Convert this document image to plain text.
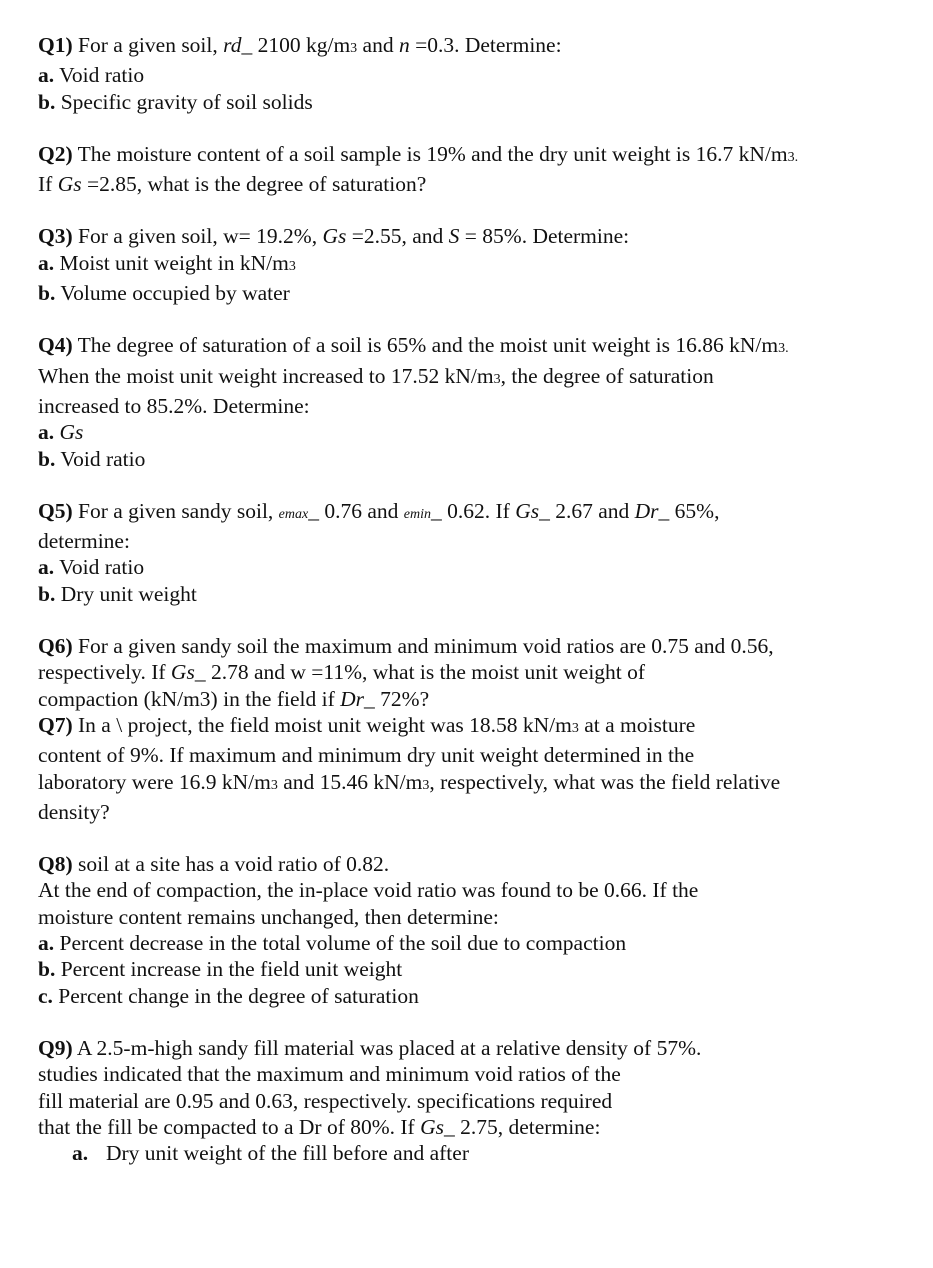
Q1) For a given soil, rd_ 2100 kg/m3 and n =0.3. Determine:

a. Void ratio

b. Specific gravity of soil solids

Q2) The moisture content of a soil sample is 19% and the dry unit weight is 16.7 kN/m3.

If Gs =2.85, what is the degree of saturation?

Q3) For a given soil, w= 19.2%, Gs =2.55, and S = 85%. Determine:

a. Moist unit weight in kN/m3

b. Volume occupied by water

Q4) The degree of saturation of a soil is 65% and the moist unit weight is 16.86 kN/m3.

When the moist unit weight increased to 17.52 kN/m3, the degree of saturation

increased to 85.2%. Determine:

a. Gs

b. Void ratio

Q5) For a given sandy soil, emax_ 0.76 and emin_ 0.62. If Gs_ 2.67 and Dr_ 65%,

determine:

a. Void ratio

b. Dry unit weight

Q6) For a given sandy soil the maximum and minimum void ratios are 0.75 and 0.56,

respectively. If Gs_ 2.78 and w =11%, what is the moist unit weight of

compaction (kN/m3) in the field if Dr_ 72%?

Q7) In a \ project, the field moist unit weight was 18.58 kN/m3 at a moisture

content of 9%. If maximum and minimum dry unit weight determined in the

laboratory were 16.9 kN/m3 and 15.46 kN/m3, respectively, what was the field relative

density?

Q8) soil at a site has a void ratio of 0.82.

At the end of compaction, the in-place void ratio was found to be 0.66. If the

moisture content remains unchanged, then determine:

a. Percent decrease in the total volume of the soil due to compaction

b. Percent increase in the field unit weight

c. Percent change in the degree of saturation

Q9) A 2.5-m-high sandy fill material was placed at a relative density of 57%.

studies indicated that the maximum and minimum void ratios of the

fill material are 0.95 and 0.63, respectively. specifications required

that the fill be compacted to a Dr of 80%. If Gs_ 2.75, determine:

a. Dry unit weight of the fill before and after
